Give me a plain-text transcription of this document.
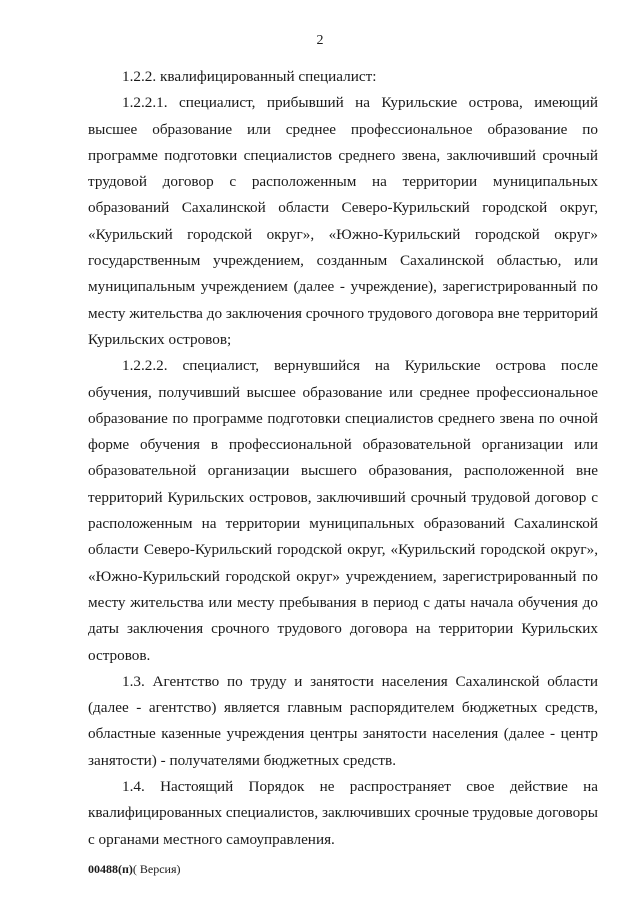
2

1.2.2. квалифицированный специалист:

1.2.2.1. специалист, прибывший на Курильские острова, имеющий высшее образование или среднее профессиональное образование по программе подготовки специалистов среднего звена, заключивший срочный трудовой договор с расположенным на территории муниципальных образований Сахалинской области Северо-Курильский городской округ, «Курильский городской округ», «Южно-Курильский городской округ» государственным учреждением, созданным Сахалинской областью, или муниципальным учреждением (далее - учреждение), зарегистрированный по месту жительства до заключения срочного трудового договора вне территорий Курильских островов;

1.2.2.2. специалист, вернувшийся на Курильские острова после обучения, получивший высшее образование или среднее профессиональное образование по программе подготовки специалистов среднего звена по очной форме обучения в профессиональной образовательной организации или образовательной организации высшего образования, расположенной вне территорий Курильских островов, заключивший срочный трудовой договор с расположенным на территории муниципальных образований Сахалинской области Северо-Курильский городской округ, «Курильский городской округ», «Южно-Курильский городской округ» учреждением, зарегистрированный по месту жительства или месту пребывания в период с даты начала обучения до даты заключения срочного трудового договора на территории Курильских островов.

1.3. Агентство по труду и занятости населения Сахалинской области (далее - агентство) является главным распорядителем бюджетных средств, областные казенные учреждения центры занятости населения (далее - центр занятости) - получателями бюджетных средств.

1.4. Настоящий Порядок не распространяет свое действие на квалифицированных специалистов, заключивших срочные трудовые договоры с органами местного самоуправления.

00488(п)( Версия)
